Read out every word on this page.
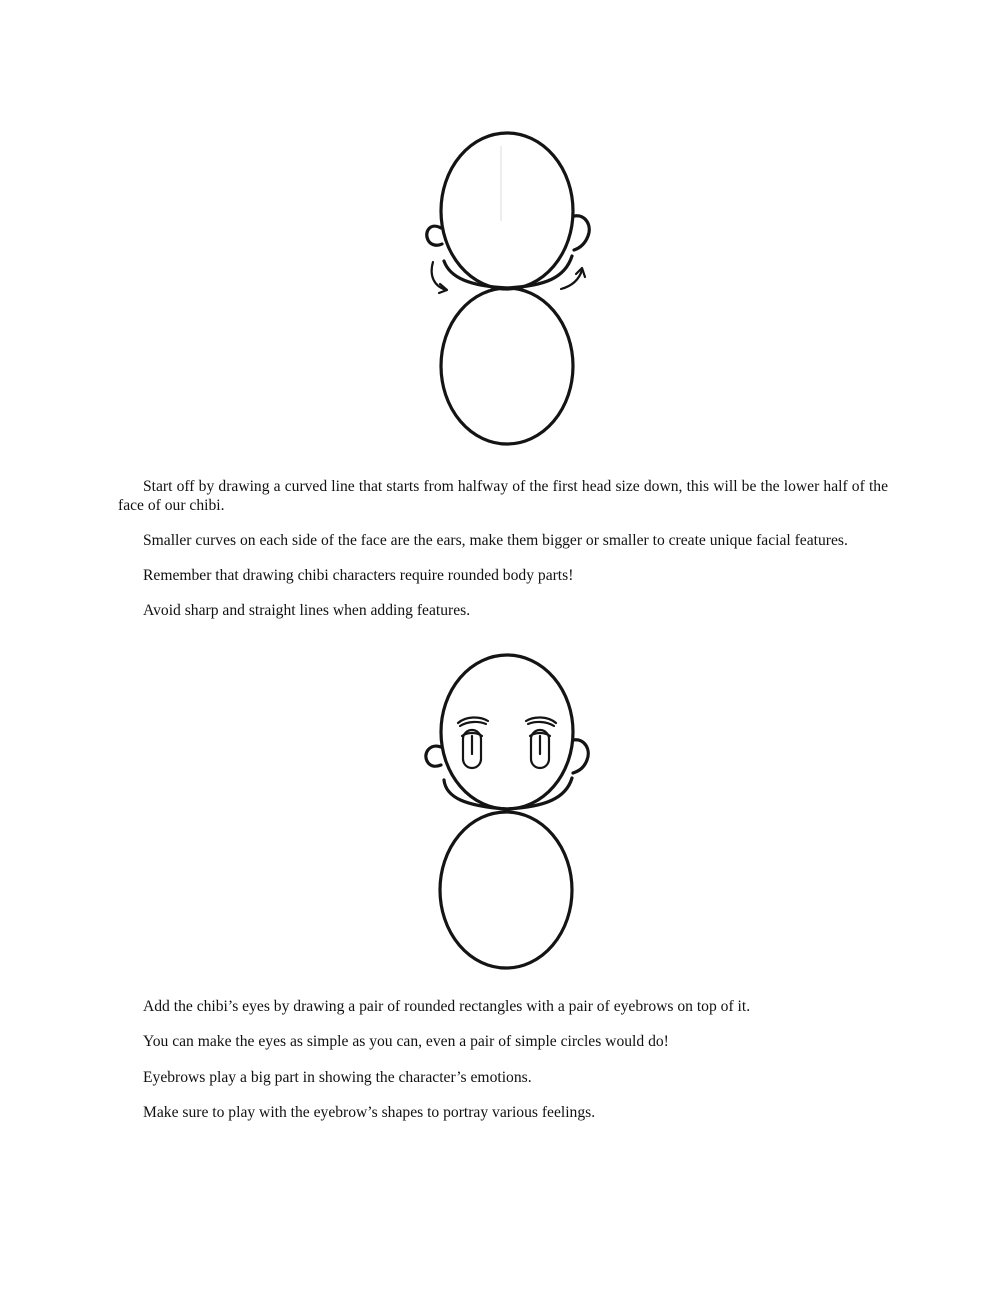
Start off by drawing a curved line that starts from halfway of the first head size down, this will be the lower half of the face of our chibi.

Smaller curves on each side of the face are the ears, make them bigger or smaller to create unique facial features.

Remember that drawing chibi characters require rounded body parts!

Avoid sharp and straight lines when adding features.

Add the chibi’s eyes by drawing a pair of rounded rectangles with a pair of eyebrows on top of it.

You can make the eyes as simple as you can, even a pair of simple circles would do!

Eyebrows play a big part in showing the character’s emotions.

Make sure to play with the eyebrow’s shapes to portray various feelings.
